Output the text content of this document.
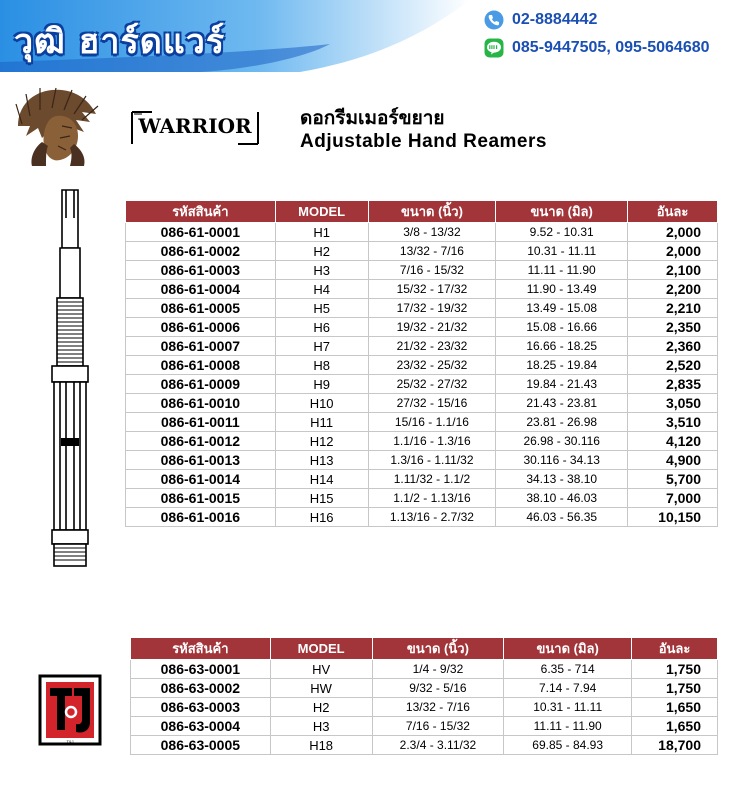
วุฒิ ฮาร์ดแวร์
02-8884442
085-9447505, 095-5064680
WARRIOR	ดอกรีมเมอร์ขยาย
Adjustable Hand Reamers
รหัสสินค้า	MODEL	ขนาด (นิ้ว)	ขนาด (มิล)	อันละ
086-61-0001	H1	3/8 - 13/32	9.52 - 10.31	2,000
086-61-0002	H2	13/32 - 7/16	10.31 - 11.11	2,000
086-61-0003	H3	7/16 - 15/32	11.11 - 11.90	2,100
086-61-0004	H4	15/32 - 17/32	11.90 - 13.49	2,200
086-61-0005	H5	17/32 - 19/32	13.49 - 15.08	2,210
086-61-0006	H6	19/32 - 21/32	15.08 - 16.66	2,350
086-61-0007	H7	21/32 - 23/32	16.66 - 18.25	2,360
086-61-0008	H8	23/32 - 25/32	18.25 - 19.84	2,520
086-61-0009	H9	25/32 - 27/32	19.84 - 21.43	2,835
086-61-0010	H10	27/32 - 15/16	21.43 - 23.81	3,050
086-61-0011	H11	15/16 - 1.1/16	23.81 - 26.98	3,510
086-61-0012	H12	1.1/16 - 1.3/16	26.98 - 30.116	4,120
086-61-0013	H13	1.3/16 - 1.11/32	30.116 - 34.13	4,900
086-61-0014	H14	1.11/32 - 1.1/2	34.13 - 38.10	5,700
086-61-0015	H15	1.1/2 - 1.13/16	38.10 - 46.03	7,000
086-61-0016	H16	1.13/16 - 2.7/32	46.03 - 56.35	10,150
รหัสสินค้า	MODEL	ขนาด (นิ้ว)	ขนาด (มิล)	อันละ
086-63-0001	HV	1/4 - 9/32	6.35 - 714	1,750
086-63-0002	HW	9/32 - 5/16	7.14 - 7.94	1,750
086-63-0003	H2	13/32 - 7/16	10.31 - 11.11	1,650
086-63-0004	H3	7/16 - 15/32	11.11 - 11.90	1,650
086-63-0005	H18	2.3/4 - 3.11/32	69.85 - 84.93	18,700
T&J
